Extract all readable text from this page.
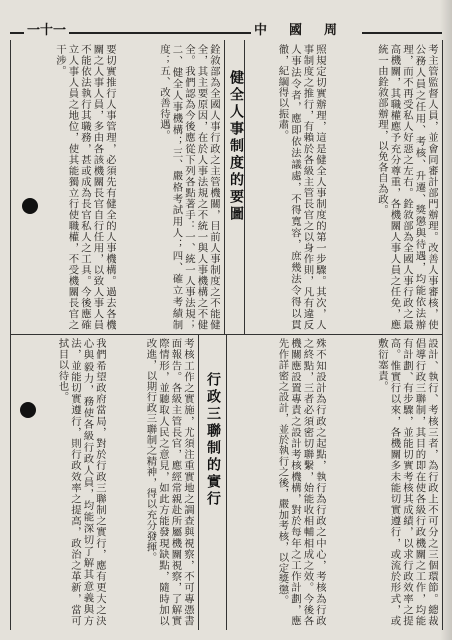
一十一	中國周
健全人事制度的要圖	考主管監督人員，並會同審計部門辦理。改善人事審核，使公務人員之任用、考核、升遷、獎懲與待遇，均能依法辦理，而不再受私人好惡之左右。銓敘部為全國人事行政之最高機關，其職權應予充分尊重，各機關人事人員之任免，應統一由銓敘部辦理，以免各自為政。
照規定切實辦理，這是健全人事制度的第一步驟。其次，人事制度之推行，有賴於各級主管長官之以身作則，凡有違反人事法令者，應即依法議處，不得寬容，庶幾法令得以貫徹，紀綱得以振肅。
銓敘部為全國人事行政之主管機關，目前人事制度之不能健全，其主要原因，在於人事法規之不統一與人事機構之不健全。我們認為今後應從下列各點著手：一、統一人事法規；二、健全人事機構；三、嚴格考試用人；四、確立考績制度；五、改善待遇。
要切實推行人事管理，必須先有健全的人事機構。過去各機關之人事人員，多由各該機關長官自行任用，以致人事人員不能依法執行其職務，甚或成為長官私人之工具。今後應確立人事人員之地位，使其能獨立行使職權，不受機關長官之干涉。
行政三聯制的實行	設計、執行、考核三者，為行政上不可分之三個環節。總裁倡導行政三聯制，其目的即在使各級行政機關之工作，均能有計劃、有步驟，並能切實考核其成績，以求行政效率之提高。惟實行以來，各機關多未能切實遵行，或流於形式，或敷衍塞責。
殊不知設計為行政之起點，執行為行政之中心，考核為行政之終點，三者必須密切聯繫，始能收相輔相成之效。今後各機關應設置專責之設計考核機構，對於每年之工作計劃，應先作詳密之設計，並於執行之後，嚴加考核，以定獎懲。
考核工作之實施，尤須注重實地之調查與視察，不可專憑書面報告。各級主管長官，應經常親赴所屬機關視察，了解實際情形，並聽取人民之意見，如此方能發現缺點，隨時加以改進，以期行政三聯制之精神，得以充分發揮。
我們希望政府當局，對於行政三聯制之實行，應有更大之決心與毅力，務使各級行政人員，均能深切了解其意義與方法，並能切實遵行，則行政效率之提高，政治之革新，當可拭目以待也。
